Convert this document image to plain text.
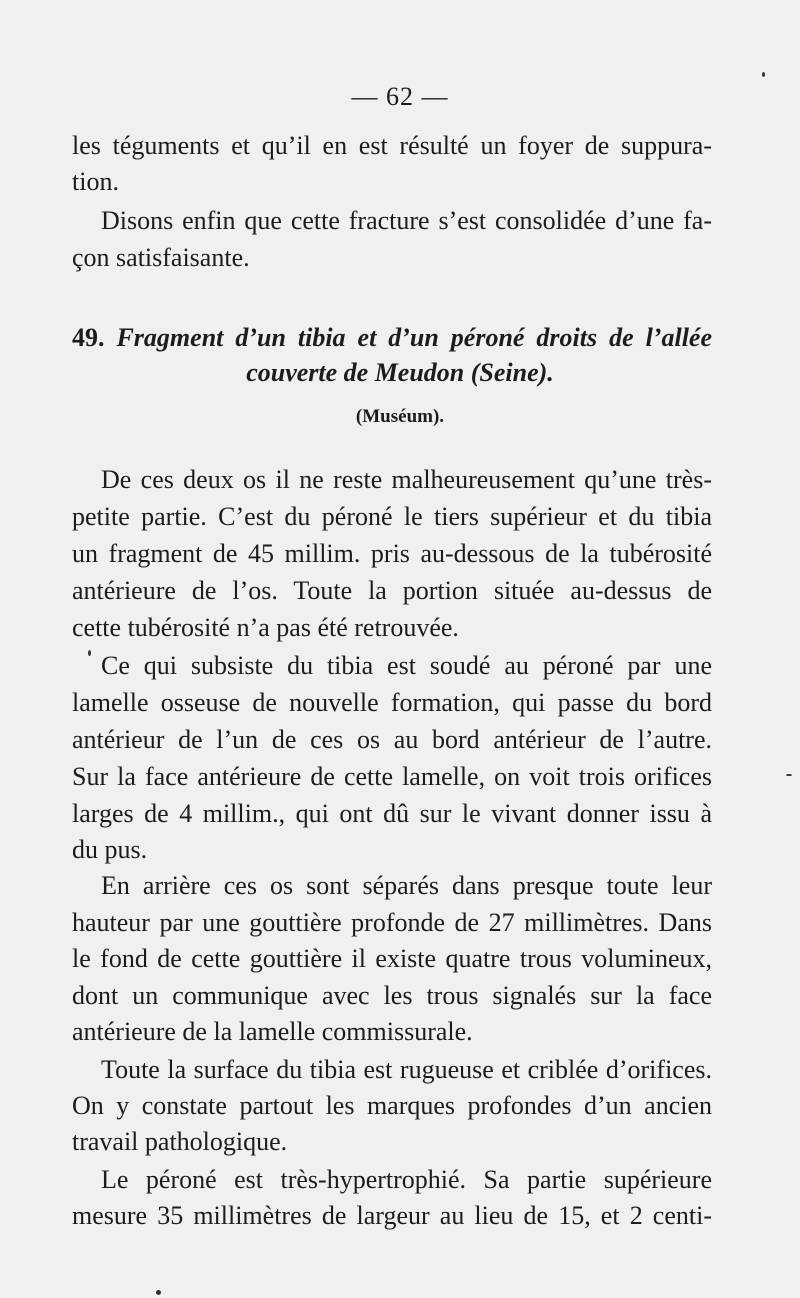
— 62 —
les téguments et qu’il en est résulté un foyer de suppura-
tion.
Disons enfin que cette fracture s’est consolidée d’une fa-
çon satisfaisante.
49. Fragment d’un tibia et d’un péroné droits de l’allée
couverte de Meudon (Seine).
(Muséum).
De ces deux os il ne reste malheureusement qu’une très-
petite partie. C’est du péroné le tiers supérieur et du tibia
un fragment de 45 millim. pris au-dessous de la tubérosité
antérieure de l’os. Toute la portion située au-dessus de
cette tubérosité n’a pas été retrouvée.
Ce qui subsiste du tibia est soudé au péroné par une
lamelle osseuse de nouvelle formation, qui passe du bord
antérieur de l’un de ces os au bord antérieur de l’autre.
Sur la face antérieure de cette lamelle, on voit trois orifices
larges de 4 millim., qui ont dû sur le vivant donner issu à
du pus.
En arrière ces os sont séparés dans presque toute leur
hauteur par une gouttière profonde de 27 millimètres. Dans
le fond de cette gouttière il existe quatre trous volumineux,
dont un communique avec les trous signalés sur la face
antérieure de la lamelle commissurale.
Toute la surface du tibia est rugueuse et criblée d’orifices.
On y constate partout les marques profondes d’un ancien
travail pathologique.
Le péroné est très-hypertrophié. Sa partie supérieure
mesure 35 millimètres de largeur au lieu de 15, et 2 centi-
